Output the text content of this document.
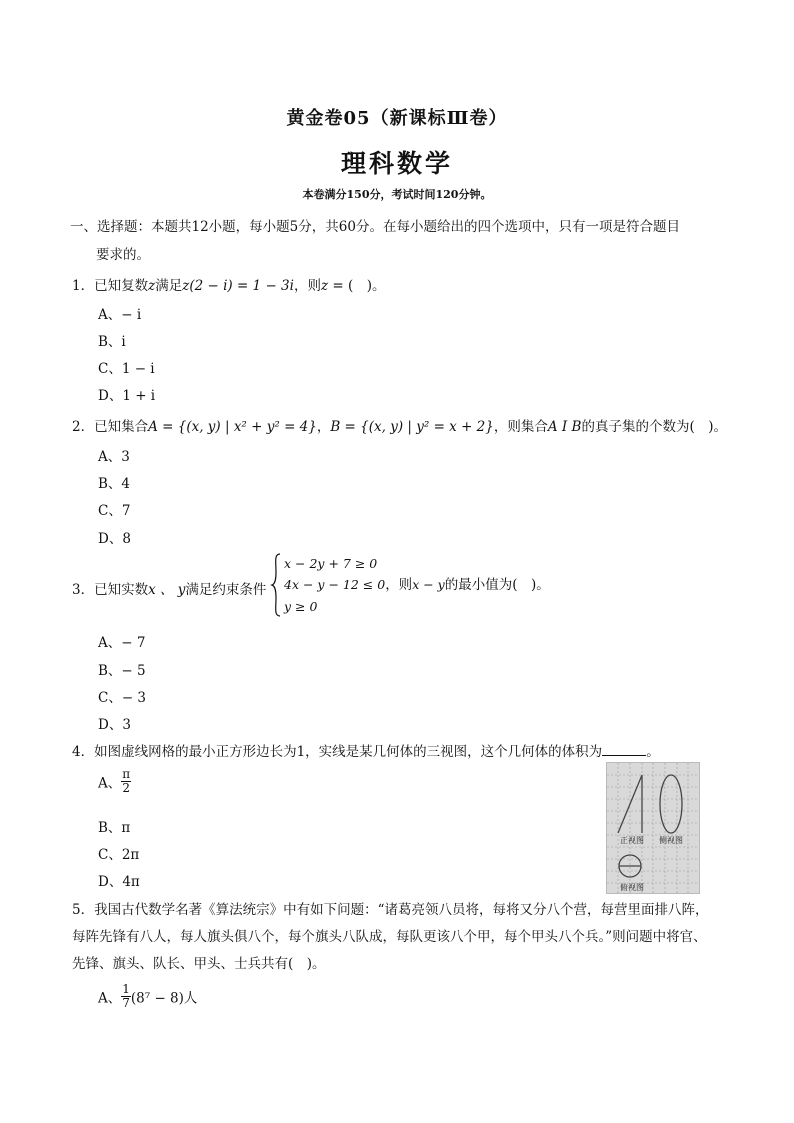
黄金卷05（新课标Ⅲ卷）
理科数学
本卷满分150分，考试时间120分钟。
一、选择题：本题共12小题，每小题5分，共60分。在每小题给出的四个选项中，只有一项是符合题目
要求的。
1．已知复数z满足z(2 − i) = 1 − 3i，则z = (　)。
A、− i
B、i
C、1 − i
D、1 + i
2．已知集合A = {(x, y) | x² + y² = 4}，B = {(x, y) | y² = x + 2}，则集合A I B的真子集的个数为(　)。
A、3
B、4
C、7
D、8
3．已知实数x 、 y满足约束条件
x − 2y + 7 ≥ 0
4x − y − 12 ≤ 0，则x − y的最小值为(　)。
y ≥ 0
A、− 7
B、− 5
C、− 3
D、3
4．如图虚线网格的最小正方形边长为1，实线是某几何体的三视图，这个几何体的体积为	。
A、 $\frac{\pi}{2}$
B、π
C、2π
D、4π
正视图 侧视图
俯视图
5．我国古代数学名著《算法统宗》中有如下问题：“诸葛亮领八员将，每将又分八个营，每营里面排八阵，
每阵先锋有八人，每人旗头俱八个，每个旗头八队成，每队更该八个甲，每个甲头八个兵。”则问题中将官、
先锋、旗头、队长、甲头、士兵共有(　)。
A、 $\frac{1}{7} (8^7 - 8)$人
